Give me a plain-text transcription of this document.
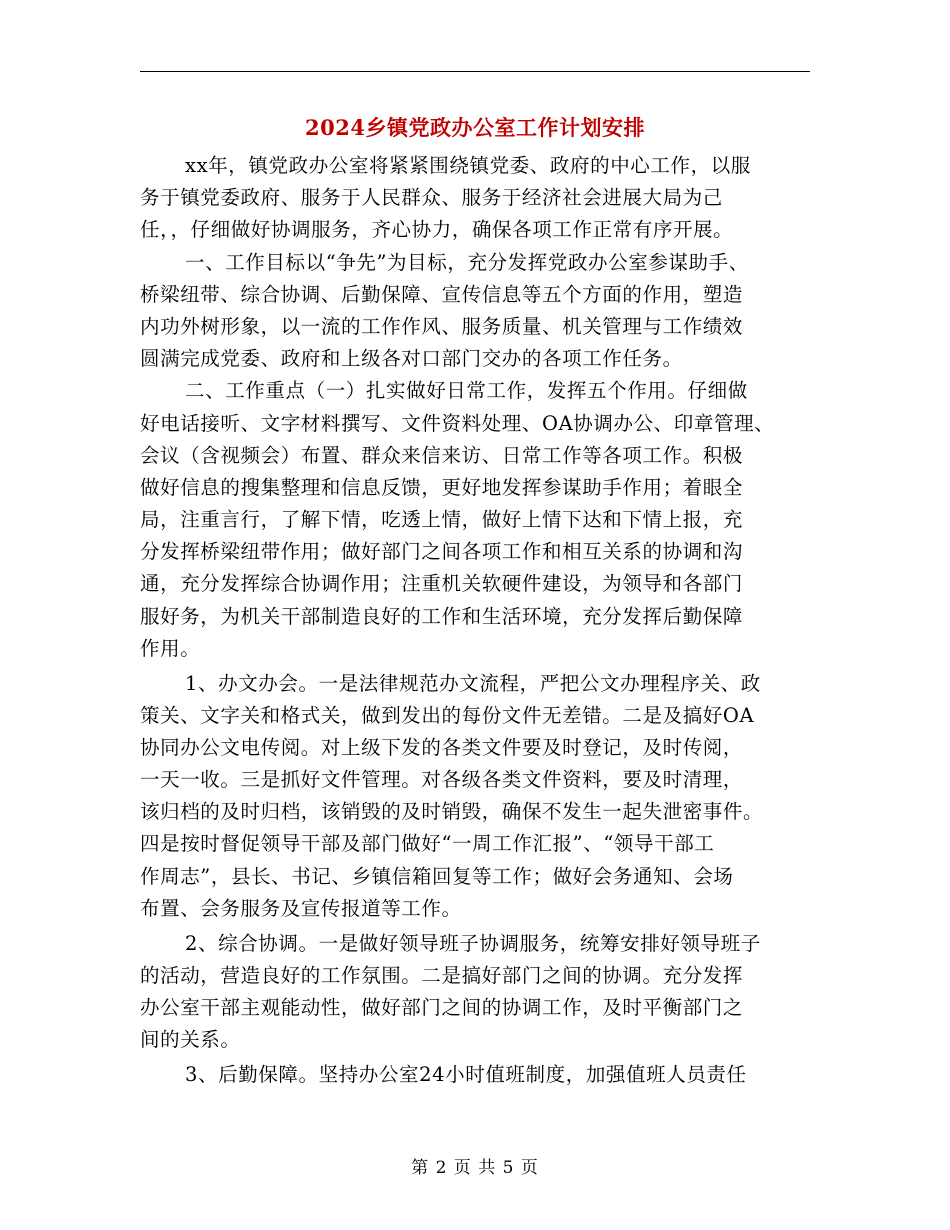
2024乡镇党政办公室工作计划安排
xx年，镇党政办公室将紧紧围绕镇党委、政府的中心工作，以服
务于镇党委政府、服务于人民群众、服务于经济社会进展大局为己
任，，仔细做好协调服务，齐心协力，确保各项工作正常有序开展。
一、工作目标以“争先”为目标，充分发挥党政办公室参谋助手、
桥梁纽带、综合协调、后勤保障、宣传信息等五个方面的作用，塑造
内功外树形象，以一流的工作作风、服务质量、机关管理与工作绩效
圆满完成党委、政府和上级各对口部门交办的各项工作任务。
二、工作重点（一）扎实做好日常工作，发挥五个作用。仔细做
好电话接听、文字材料撰写、文件资料处理、OA协调办公、印章管理、
会议（含视频会）布置、群众来信来访、日常工作等各项工作。积极
做好信息的搜集整理和信息反馈，更好地发挥参谋助手作用；着眼全
局，注重言行，了解下情，吃透上情，做好上情下达和下情上报，充
分发挥桥梁纽带作用；做好部门之间各项工作和相互关系的协调和沟
通，充分发挥综合协调作用；注重机关软硬件建设，为领导和各部门
服好务，为机关干部制造良好的工作和生活环境，充分发挥后勤保障
作用。
1、办文办会。一是法律规范办文流程，严把公文办理程序关、政
策关、文字关和格式关，做到发出的每份文件无差错。二是及搞好OA
协同办公文电传阅。对上级下发的各类文件要及时登记，及时传阅，
一天一收。三是抓好文件管理。对各级各类文件资料，要及时清理，
该归档的及时归档，该销毁的及时销毁，确保不发生一起失泄密事件。
四是按时督促领导干部及部门做好“一周工作汇报”、“领导干部工
作周志”，县长、书记、乡镇信箱回复等工作；做好会务通知、会场
布置、会务服务及宣传报道等工作。
2、综合协调。一是做好领导班子协调服务，统筹安排好领导班子
的活动，营造良好的工作氛围。二是搞好部门之间的协调。充分发挥
办公室干部主观能动性，做好部门之间的协调工作，及时平衡部门之
间的关系。
3、后勤保障。坚持办公室24小时值班制度，加强值班人员责任
第 2 页 共 5 页
